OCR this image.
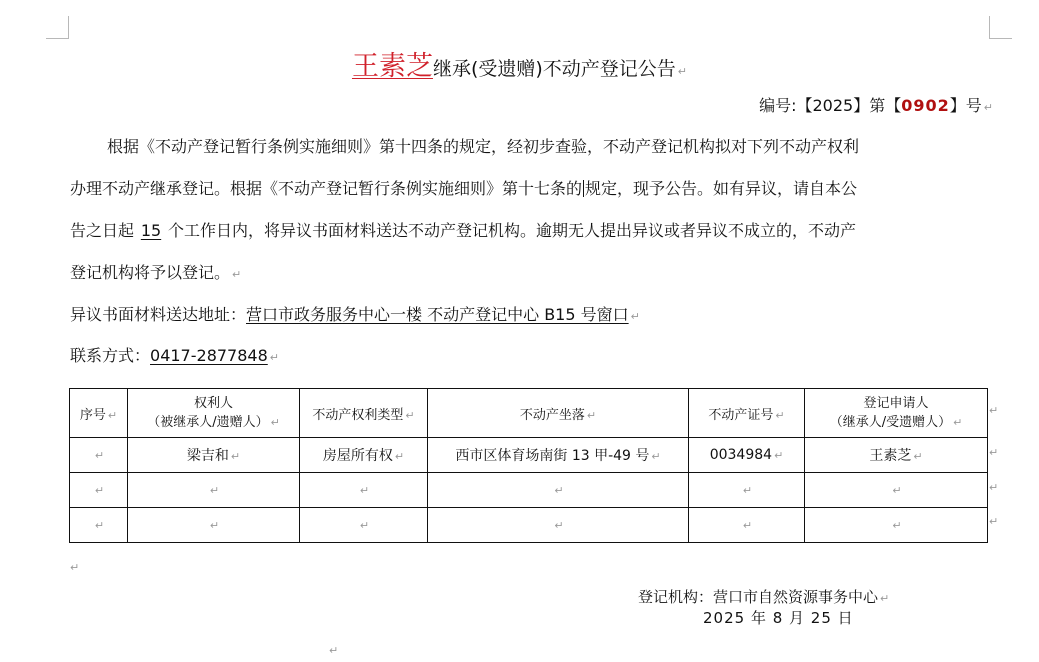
王素芝继承(受遗赠)不动产登记公告 ↵
编号:【2025】第【0902】号 ↵
根据《不动产登记暂行条例实施细则》第十四条的规定，经初步查验，不动产登记机构拟对下列不动产权利
办理不动产继承登记。根据《不动产登记暂行条例实施细则》第十七条的 规定，现予公告。如有异议，请自本公
告之日起 15 个工作日内，将异议书面材料送达不动产登记机构。逾期无人提出异议或者异议不成立的，不动产
登记机构将予以登记。 ↵
异议书面材料送达地址：营口市政务服务中心一楼 不动产登记中心 B15 号窗口 ↵
联系方式：0417-2877848 ↵
序号 ↵	权利人
（被继承人/遗赠人） ↵	不动产权利类型 ↵	不动产坐落 ↵	不动产证号 ↵	登记申请人
（继承人/受遗赠人） ↵
↵	梁吉和 ↵	房屋所有权 ↵	西市区体育场南街 13 甲-49 号 ↵	0034984 ↵	王素芝 ↵
↵	↵	↵	↵	↵	↵
↵	↵	↵	↵	↵	↵
↵
↵
↵
↵
↵
登记机构：营口市自然资源事务中心 ↵
2025 年 8 月 25 日
↵
